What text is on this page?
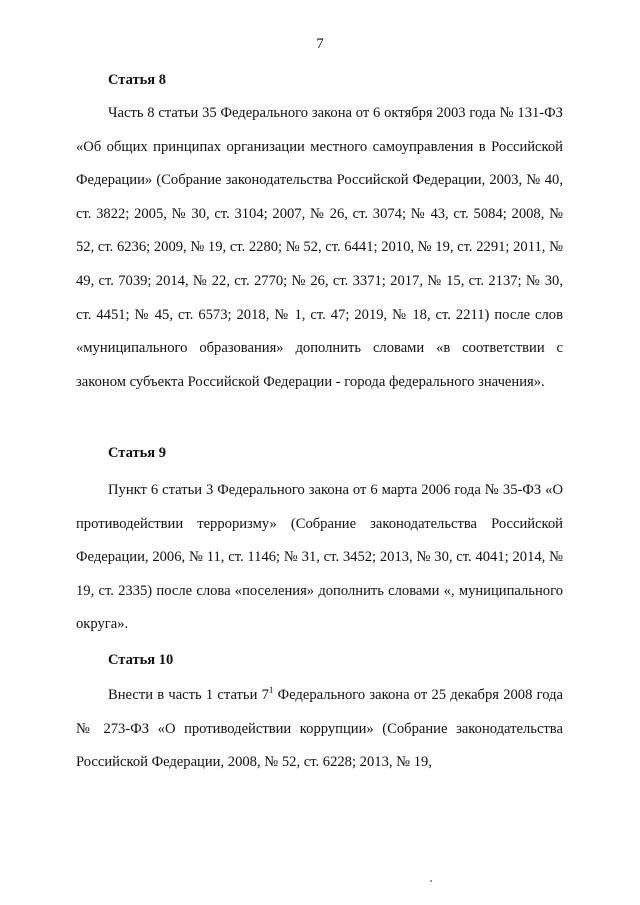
7
Статья 8

Часть 8 статьи 35 Федерального закона от 6 октября 2003 года № 131-ФЗ «Об общих принципах организации местного самоуправления в Российской Федерации» (Собрание законодательства Российской Федерации, 2003, № 40, ст. 3822; 2005, № 30, ст. 3104; 2007, № 26, ст. 3074; № 43, ст. 5084; 2008, № 52, ст. 6236; 2009, № 19, ст. 2280; № 52, ст. 6441; 2010, № 19, ст. 2291; 2011, № 49, ст. 7039; 2014, № 22, ст. 2770; № 26, ст. 3371; 2017, № 15, ст. 2137; № 30, ст. 4451; № 45, ст. 6573; 2018, № 1, ст. 47; 2019, № 18, ст. 2211) после слов «муниципального образования» дополнить словами «в соответствии с законом субъекта Российской Федерации - города федерального значения».

Статья 9

Пункт 6 статьи 3 Федерального закона от 6 марта 2006 года № 35-ФЗ «О противодействии терроризму» (Собрание законодательства Российской Федерации, 2006, № 11, ст. 1146; № 31, ст. 3452; 2013, № 30, ст. 4041; 2014, № 19, ст. 2335) после слова «поселения» дополнить словами «, муниципального округа».

Статья 10

Внести в часть 1 статьи $7^1$ Федерального закона от 25 декабря 2008 года № 273-ФЗ «О противодействии коррупции» (Собрание законодательства Российской Федерации, 2008, № 52, ст. 6228; 2013, № 19,
